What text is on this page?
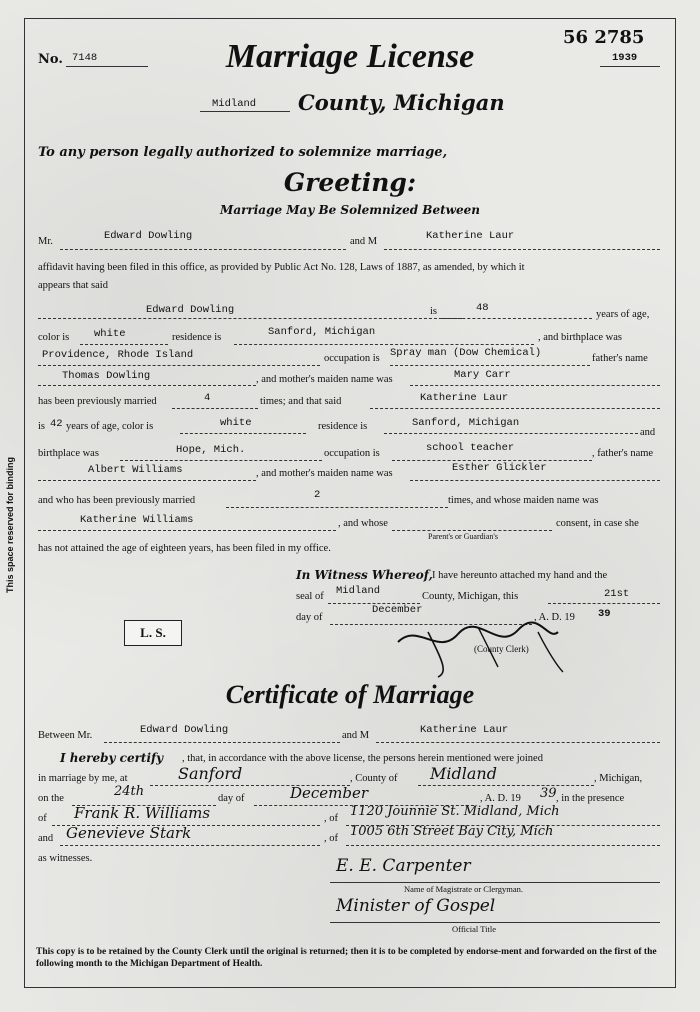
This space reserved for binding
No. 7148
56 2785
1939
Marriage License
Midland County, Michigan
To any person legally authorized to solemnize marriage,
Greeting:
Marriage May Be Solemnized Between
Mr.	Edward Dowling	and M	Katherine Laur
affidavit having been filed in this office, as provided by Public Act No. 128, Laws of 1887, as amended, by which it
appears that said
Edward Dowling	is	48
years of age,
color is white	residence is	Sanford, Michigan	, and birthplace was
Providence, Rhode Island	occupation is Spray man (Dow Chemical)	father's name
Thomas Dowling	, and mother's maiden name was	Mary Carr
has been previously married	4	times; and that said	Katherine Laur
is 42 years of age, color is	white	residence is	Sanford, Michigan
and
birthplace was	Hope, Mich.	occupation is	school teacher	, father's name
Albert Williams	, and mother's maiden name was	Esther Glickler
and who has been previously married	2	times, and whose maiden name was
Katherine Williams	, and whose	consent, in case she
Parent's or Guardian's
has not attained the age of eighteen years, has been filed in my office.
In Witness Whereof, I have hereunto attached my hand and the
seal of Midland	County, Michigan, this	21st
day of
December
, A. D. 19 39
L. S.
(County Clerk)
Certificate of Marriage
Between Mr.	Edward Dowling	and M	Katherine Laur
I hereby certify , that, in accordance with the above license, the persons herein mentioned were joined
in marriage by me, at	Sanford	, County of Midland	, Michigan,
on the	24th	day of	December	, A. D. 19 39 , in the presence
of Frank R. Williams	, of 1120 Jounnie St. Midland, Mich
and Genevieve Stark	, of 1005 6th Street Bay City, Mich
as witnesses.	E. E. Carpenter
Name of Magistrate or Clergyman.
Minister of Gospel
Official Title
This copy is to be retained by the County Clerk until the original is returned; then it is to be completed by endorse-ment and forwarded on the first of the following month to the Michigan Department of Health.
